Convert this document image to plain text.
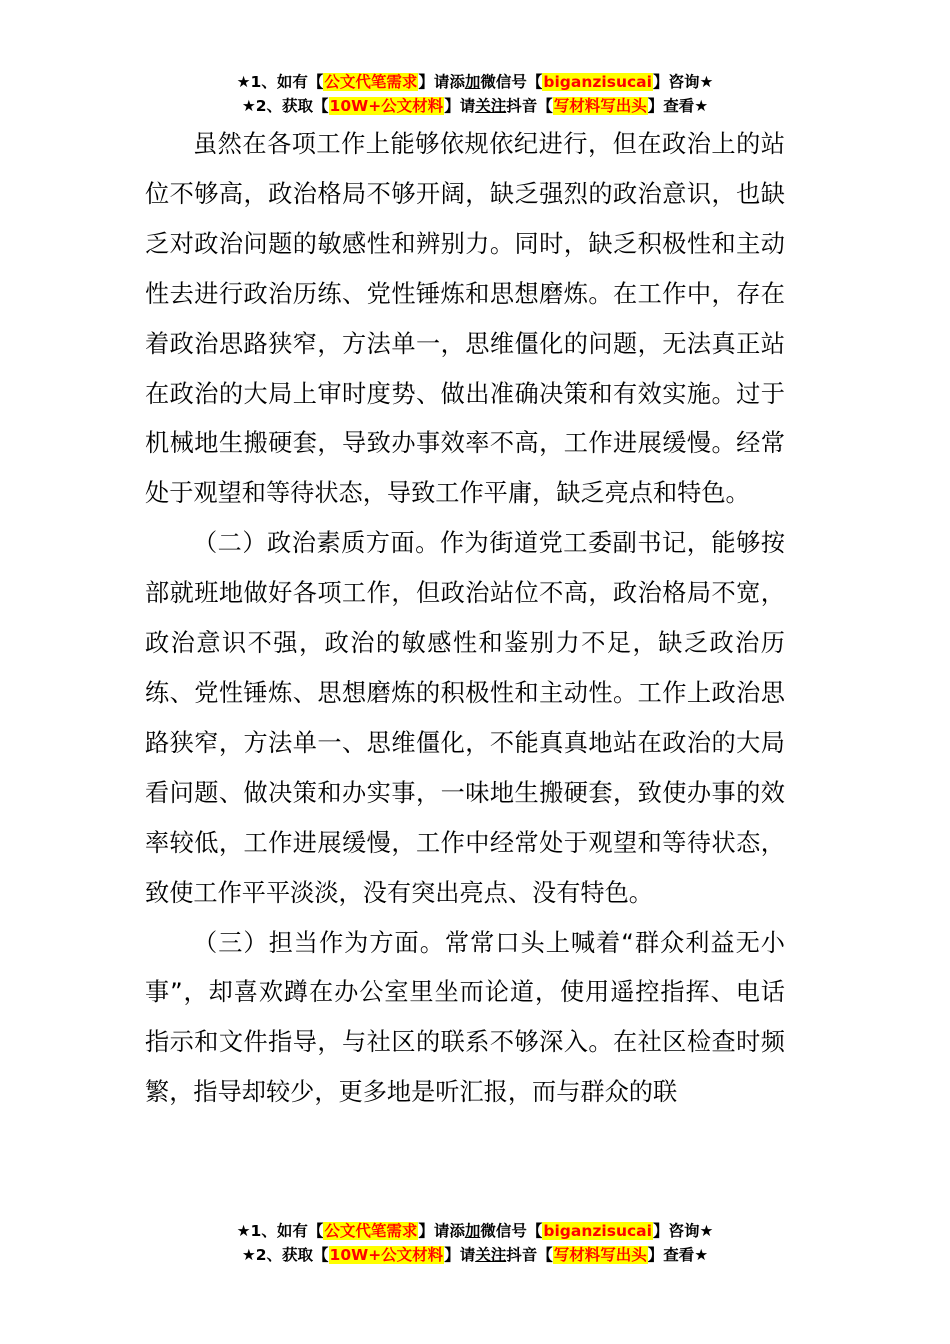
★1、如有【公文代笔需求】请添加微信号【biganzisucai】咨询★
★2、获取【10W+公文材料】请关注抖音【写材料写出头】查看★

虽然在各项工作上能够依规依纪进行，但在政治上的站位不够高，政治格局不够开阔，缺乏强烈的政治意识，也缺乏对政治问题的敏感性和辨别力。同时，缺乏积极性和主动性去进行政治历练、党性锤炼和思想磨炼。在工作中，存在着政治思路狭窄，方法单一，思维僵化的问题，无法真正站在政治的大局上审时度势、做出准确决策和有效实施。过于机械地生搬硬套，导致办事效率不高，工作进展缓慢。经常处于观望和等待状态，导致工作平庸，缺乏亮点和特色。

（二）政治素质方面。作为街道党工委副书记，能够按部就班地做好各项工作，但政治站位不高，政治格局不宽，政治意识不强，政治的敏感性和鉴别力不足，缺乏政治历练、党性锤炼、思想磨炼的积极性和主动性。工作上政治思路狭窄，方法单一、思维僵化，不能真真地站在政治的大局看问题、做决策和办实事，一味地生搬硬套，致使办事的效率较低，工作进展缓慢，工作中经常处于观望和等待状态，致使工作平平淡淡，没有突出亮点、没有特色。

（三）担当作为方面。常常口头上喊着“群众利益无小事”，却喜欢蹲在办公室里坐而论道，使用遥控指挥、电话指示和文件指导，与社区的联系不够深入。在社区检查时频繁，指导却较少，更多地是听汇报，而与群众的联

★1、如有【公文代笔需求】请添加微信号【biganzisucai】咨询★
★2、获取【10W+公文材料】请关注抖音【写材料写出头】查看★
